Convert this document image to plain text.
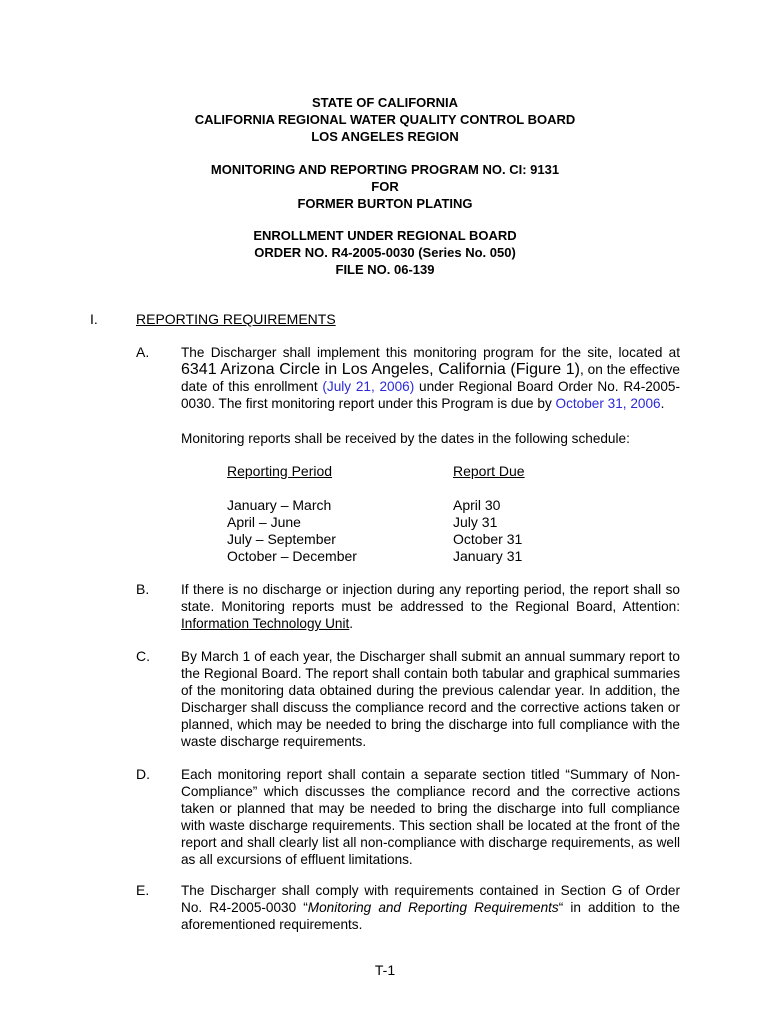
STATE OF CALIFORNIA
CALIFORNIA REGIONAL WATER QUALITY CONTROL BOARD
LOS ANGELES REGION
MONITORING AND REPORTING PROGRAM NO. CI: 9131
FOR
FORMER BURTON PLATING
ENROLLMENT UNDER REGIONAL BOARD
ORDER NO. R4-2005-0030 (Series No. 050)
FILE NO. 06-139
I.	REPORTING REQUIREMENTS
A. The Discharger shall implement this monitoring program for the site, located at 6341 Arizona Circle in Los Angeles, California (Figure 1), on the effective date of this enrollment (July 21, 2006) under Regional Board Order No. R4-2005-0030. The first monitoring report under this Program is due by October 31, 2006.
Monitoring reports shall be received by the dates in the following schedule:
Reporting Period
January – March
April – June
July – September
October – December
Report Due
April 30
July 31
October 31
January 31
B. If there is no discharge or injection during any reporting period, the report shall so state. Monitoring reports must be addressed to the Regional Board, Attention: Information Technology Unit.
C. By March 1 of each year, the Discharger shall submit an annual summary report to the Regional Board. The report shall contain both tabular and graphical summaries of the monitoring data obtained during the previous calendar year. In addition, the Discharger shall discuss the compliance record and the corrective actions taken or planned, which may be needed to bring the discharge into full compliance with the waste discharge requirements.
D. Each monitoring report shall contain a separate section titled “Summary of Non-Compliance” which discusses the compliance record and the corrective actions taken or planned that may be needed to bring the discharge into full compliance with waste discharge requirements. This section shall be located at the front of the report and shall clearly list all non-compliance with discharge requirements, as well as all excursions of effluent limitations.
E. The Discharger shall comply with requirements contained in Section G of Order No. R4-2005-0030 “Monitoring and Reporting Requirements“ in addition to the aforementioned requirements.
T-1
